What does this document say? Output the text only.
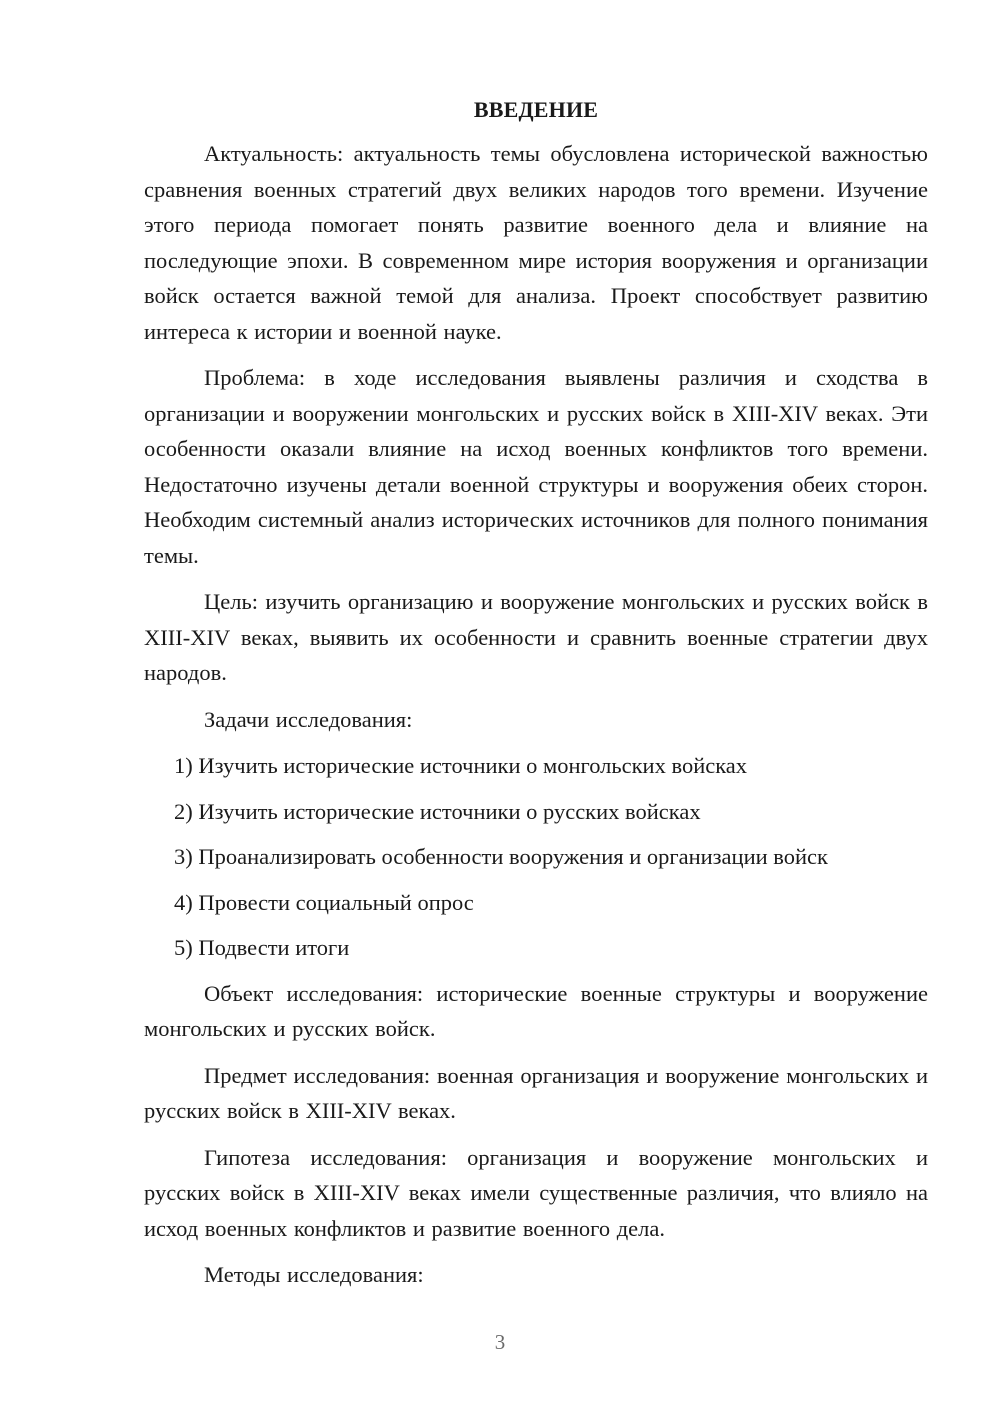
ВВЕДЕНИЕ

Актуальность: актуальность темы обусловлена исторической важностью сравнения военных стратегий двух великих народов того времени. Изучение этого периода помогает понять развитие военного дела и влияние на последующие эпохи. В современном мире история вооружения и организации войск остается важной темой для анализа. Проект способствует развитию интереса к истории и военной науке.

Проблема: в ходе исследования выявлены различия и сходства в организации и вооружении монгольских и русских войск в XIII-XIV веках. Эти особенности оказали влияние на исход военных конфликтов того времени. Недостаточно изучены детали военной структуры и вооружения обеих сторон. Необходим системный анализ исторических источников для полного понимания темы.

Цель: изучить организацию и вооружение монгольских и русских войск в XIII-XIV веках, выявить их особенности и сравнить военные стратегии двух народов.

Задачи исследования:

1) Изучить исторические источники о монгольских войсках
2) Изучить исторические источники о русских войсках
3) Проанализировать особенности вооружения и организации войск
4) Провести социальный опрос
5) Подвести итоги

Объект исследования: исторические военные структуры и вооружение монгольских и русских войск.

Предмет исследования: военная организация и вооружение монгольских и русских войск в XIII-XIV веках.

Гипотеза исследования: организация и вооружение монгольских и русских войск в XIII-XIV веках имели существенные различия, что влияло на исход военных конфликтов и развитие военного дела.

Методы исследования:

3
